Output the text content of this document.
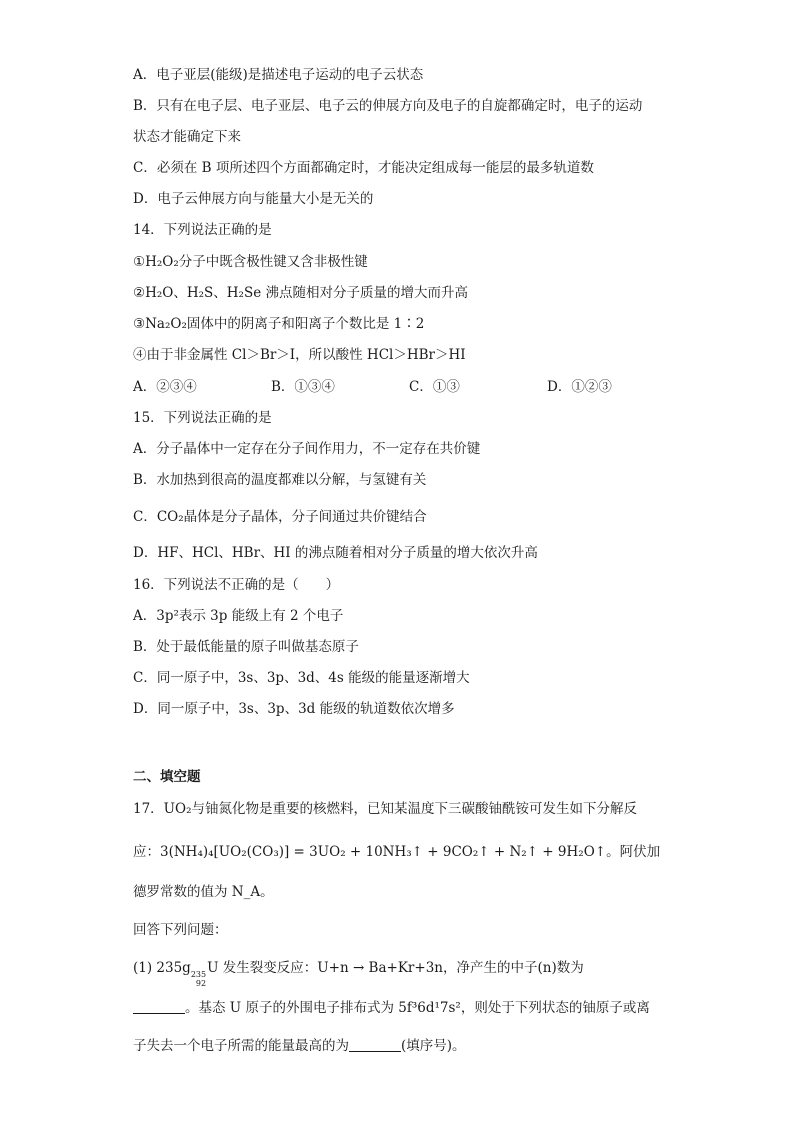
A．电子亚层(能级)是描述电子运动的电子云状态
B．只有在电子层、电子亚层、电子云的伸展方向及电子的自旋都确定时，电子的运动
状态才能确定下来
C．必须在 B 项所述四个方面都确定时，才能决定组成每一能层的最多轨道数
D．电子云伸展方向与能量大小是无关的
14．下列说法正确的是
①H₂O₂分子中既含极性键又含非极性键
②H₂O、H₂S、H₂Se 沸点随相对分子质量的增大而升高
③Na₂O₂固体中的阴离子和阳离子个数比是 1∶2
④由于非金属性 Cl＞Br＞I，所以酸性 HCl＞HBr＞HI
A．②③④	B．①③④	C．①③	D．①②③
15．下列说法正确的是
A．分子晶体中一定存在分子间作用力，不一定存在共价键
B．水加热到很高的温度都难以分解，与氢键有关
C．CO₂晶体是分子晶体，分子间通过共价键结合
D．HF、HCl、HBr、HI 的沸点随着相对分子质量的增大依次升高
16．下列说法不正确的是（　　）
A．3p²表示 3p 能级上有 2 个电子
B．处于最低能量的原子叫做基态原子
C．同一原子中，3s、3p、3d、4s 能级的能量逐渐增大
D．同一原子中，3s、3p、3d 能级的轨道数依次增多
二、填空题
17．UO₂与铀氮化物是重要的核燃料，已知某温度下三碳酸铀酰铵可发生如下分解反
应：3(NH₄)₄[UO₂(CO₃)] = 3UO₂ + 10NH₃↑ + 9CO₂↑ + N₂↑ + 9H₂O↑。阿伏加
德罗常数的值为 N_A。
回答下列问题：
(1) 235g 235
92
U 发生裂变反应：U+n → Ba+Kr+3n，净产生的中子(n)数为
。基态 U 原子的外围电子排布式为 5f³6d¹7s²，则处于下列状态的铀原子或离
子失去一个电子所需的能量最高的为	(填序号)。
